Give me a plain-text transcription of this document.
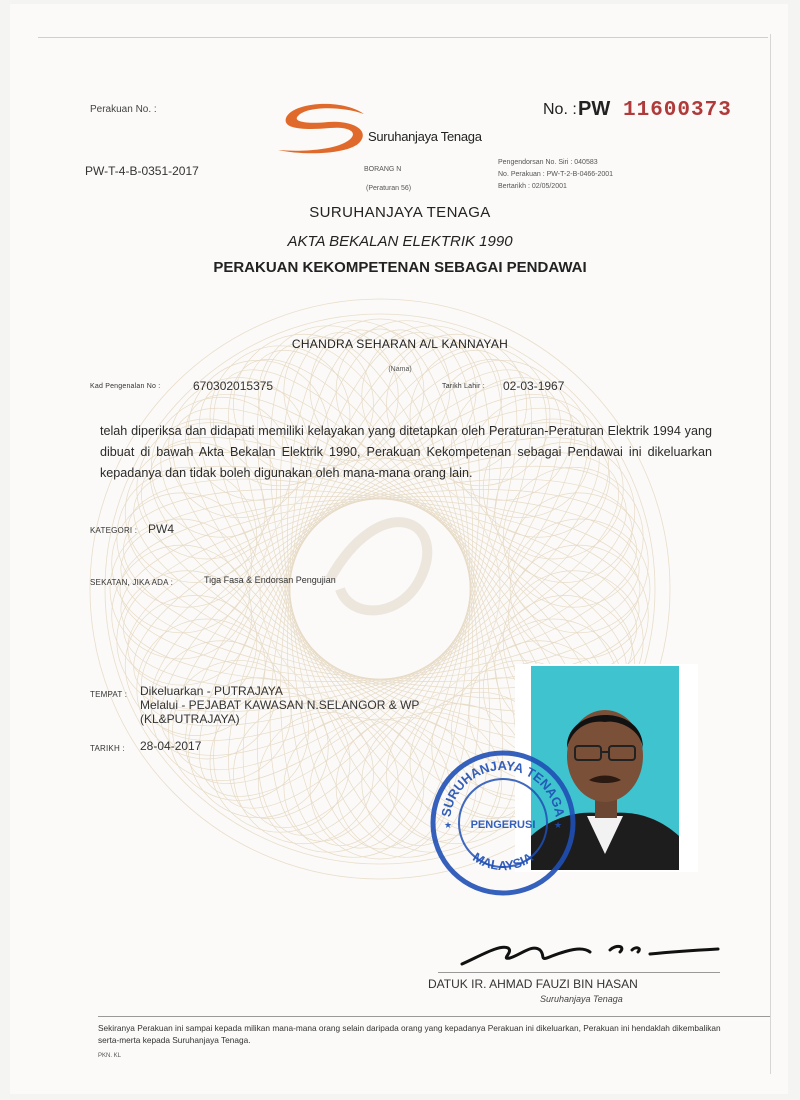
Perakuan No. :
PW-T-4-B-0351-2017
Suruhanjaya Tenaga
No. : PW 11600373
BORANG N
(Peraturan 56)
Pengendorsan No. Siri : 040583
No. Perakuan : PW-T-2-B-0466-2001
Bertarikh : 02/05/2001
SURUHANJAYA TENAGA
AKTA BEKALAN ELEKTRIK 1990
PERAKUAN KEKOMPETENAN SEBAGAI PENDAWAI
CHANDRA SEHARAN A/L KANNAYAH
(Nama)
Kad Pengenalan No :	670302015375	Tarikh Lahir : 02-03-1967
telah diperiksa dan didapati memiliki kelayakan yang ditetapkan oleh Peraturan-Peraturan Elektrik 1994 yang dibuat di bawah Akta Bekalan Elektrik 1990, Perakuan Kekompetenan sebagai Pendawai ini dikeluarkan kepadanya dan tidak boleh digunakan oleh mana-mana orang lain.
KATEGORI : PW4
SEKATAN, JIKA ADA :	Tiga Fasa & Endorsan Pengujian
TEMPAT : Dikeluarkan - PUTRAJAYA
Melalui - PEJABAT KAWASAN N.SELANGOR & WP
(KL&PUTRAJAYA)
TARIKH : 28-04-2017
SURUHANJAYA TENAGA
MALAYSIA
PENGERUSI
★	★
DATUK IR. AHMAD FAUZI BIN HASAN
Suruhanjaya Tenaga
Sekiranya Perakuan ini sampai kepada milikan mana-mana orang selain daripada orang yang kepadanya Perakuan ini dikeluarkan, Perakuan ini hendaklah dikembalikan serta-merta kepada Suruhanjaya Tenaga.
PKN. KL
